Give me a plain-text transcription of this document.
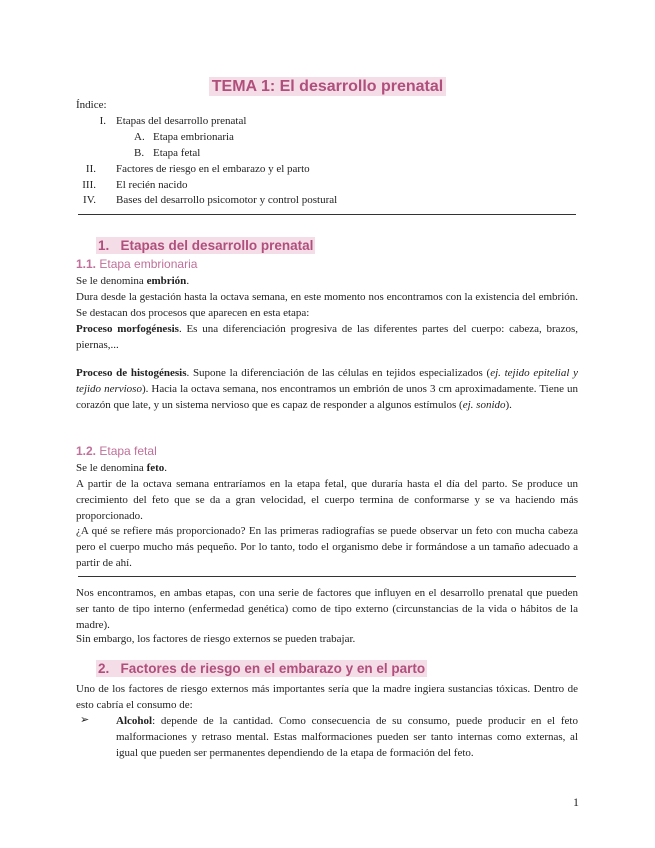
TEMA 1: El desarrollo prenatal
Índice:
I. Etapas del desarrollo prenatal
A. Etapa embrionaria
B. Etapa fetal
II. Factores de riesgo en el embarazo y el parto
III. El recién nacido
IV. Bases del desarrollo psicomotor y control postural
1. Etapas del desarrollo prenatal
1.1. Etapa embrionaria
Se le denomina embrión.
Dura desde la gestación hasta la octava semana, en este momento nos encontramos con la existencia del embrión. Se destacan dos procesos que aparecen en esta etapa:
Proceso morfogénesis. Es una diferenciación progresiva de las diferentes partes del cuerpo: cabeza, brazos, piernas,...
Proceso de histogénesis. Supone la diferenciación de las células en tejidos especializados (ej. tejido epitelial y tejido nervioso). Hacia la octava semana, nos encontramos un embrión de unos 3 cm aproximadamente. Tiene un corazón que late, y un sistema nervioso que es capaz de responder a algunos estímulos (ej. sonido).
1.2. Etapa fetal
Se le denomina feto.
A partir de la octava semana entraríamos en la etapa fetal, que duraría hasta el día del parto. Se produce un crecimiento del feto que se da a gran velocidad, el cuerpo termina de conformarse y se va haciendo más proporcionado.
¿A qué se refiere más proporcionado? En las primeras radiografías se puede observar un feto con mucha cabeza pero el cuerpo mucho más pequeño. Por lo tanto, todo el organismo debe ir formándose a un tamaño adecuado a partir de ahí.
Nos encontramos, en ambas etapas, con una serie de factores que influyen en el desarrollo prenatal que pueden ser tanto de tipo interno (enfermedad genética) como de tipo externo (circunstancias de la vida o hábitos de la madre).
Sin embargo, los factores de riesgo externos se pueden trabajar.
2. Factores de riesgo en el embarazo y en el parto
Uno de los factores de riesgo externos más importantes sería que la madre ingiera sustancias tóxicas. Dentro de esto cabría el consumo de:
➢ Alcohol: depende de la cantidad. Como consecuencia de su consumo, puede producir en el feto malformaciones y retraso mental. Estas malformaciones pueden ser tanto internas como externas, al igual que pueden ser permanentes dependiendo de la etapa de formación del feto.
1
